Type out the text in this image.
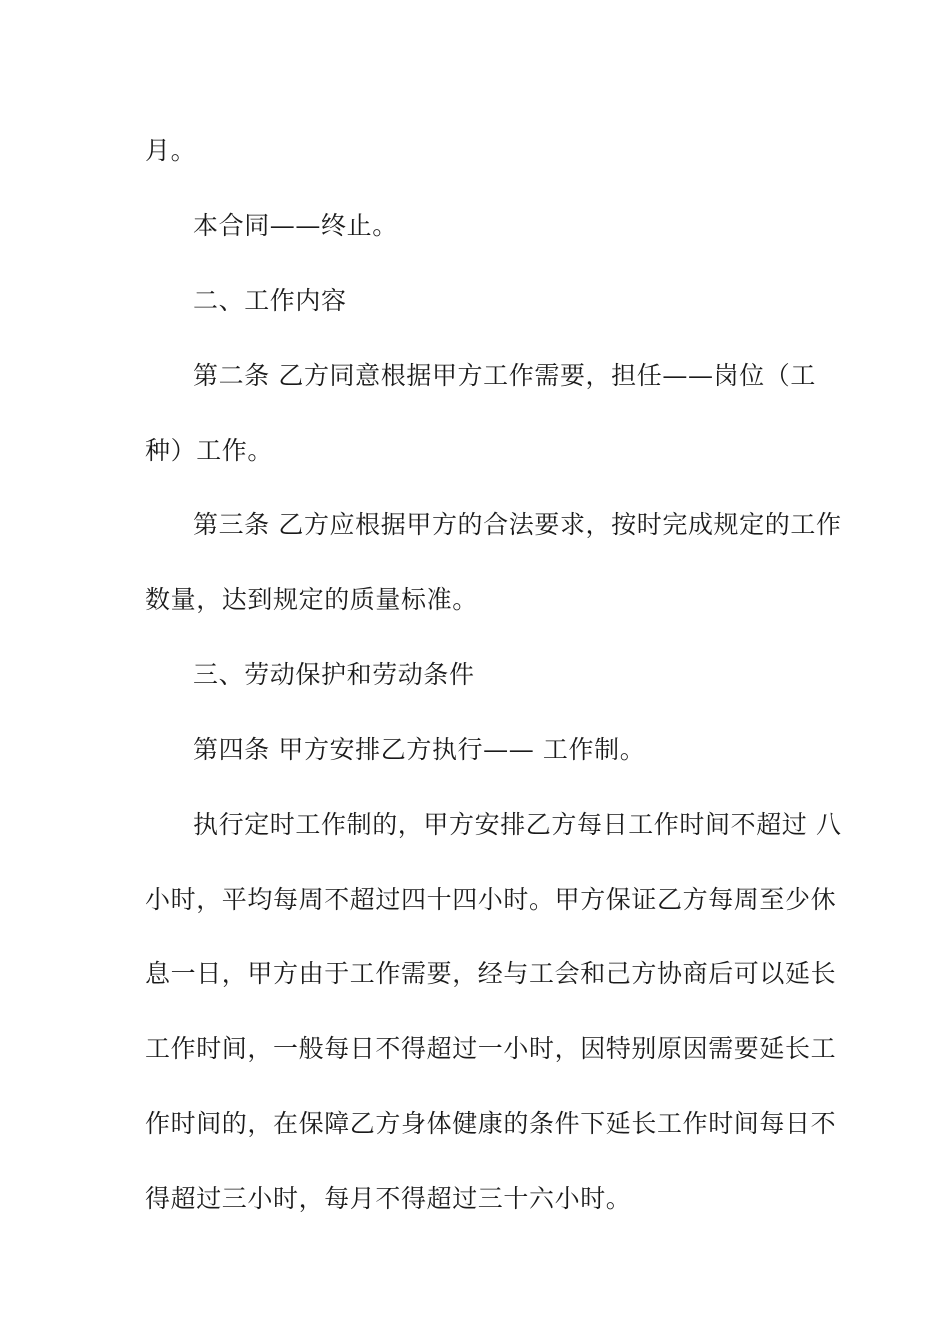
月。

本合同——终止。

二、工作内容

第二条 乙方同意根据甲方工作需要，担任——岗位（工

种）工作。

第三条 乙方应根据甲方的合法要求，按时完成规定的工作

数量，达到规定的质量标准。

三、劳动保护和劳动条件

第四条 甲方安排乙方执行—— 工作制。

执行定时工作制的，甲方安排乙方每日工作时间不超过 八

小时，平均每周不超过四十四小时。甲方保证乙方每周至少休

息一日，甲方由于工作需要，经与工会和己方协商后可以延长

工作时间，一般每日不得超过一小时，因特别原因需要延长工

作时间的，在保障乙方身体健康的条件下延长工作时间每日不

得超过三小时，每月不得超过三十六小时。
